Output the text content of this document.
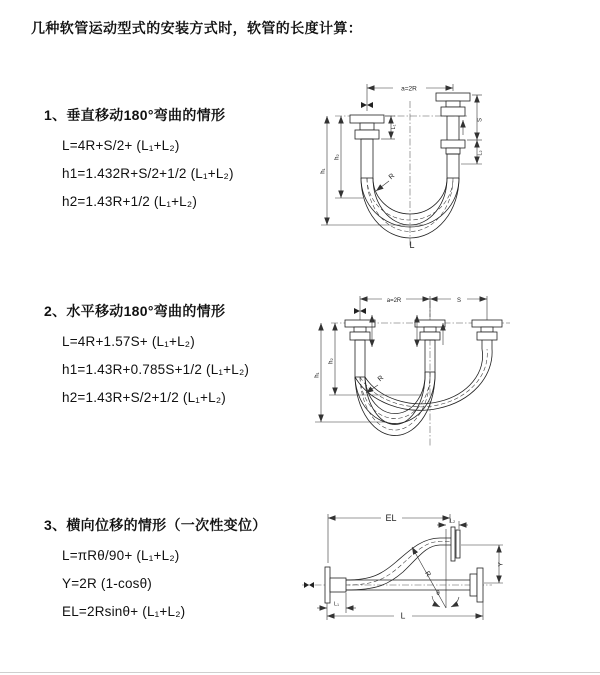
几种软管运动型式的安装方式时，软管的长度计算：
1、垂直移动180°弯曲的情形
L=4R+S/2+ (L₁+L₂)
h1=1.432R+S/2+1/2 (L₁+L₂)
h2=1.43R+1/2 (L₁+L₂)
2、水平移动180°弯曲的情形
L=4R+1.57S+ (L₁+L₂)
h1=1.43R+0.785S+1/2 (L₁+L₂)
h2=1.43R+S/2+1/2 (L₁+L₂)
3、横向位移的情形（一次性变位）
L=πRθ/90+ (L₁+L₂)
Y=2R (1-cosθ)
EL=2Rsinθ+ (L₁+L₂)
a=2R
S
L₂
L₁
h₂
h₁
R
L
a=2R	S
h₂
h₁	R
EL	L₂
Y
R
θ
L₁
L
